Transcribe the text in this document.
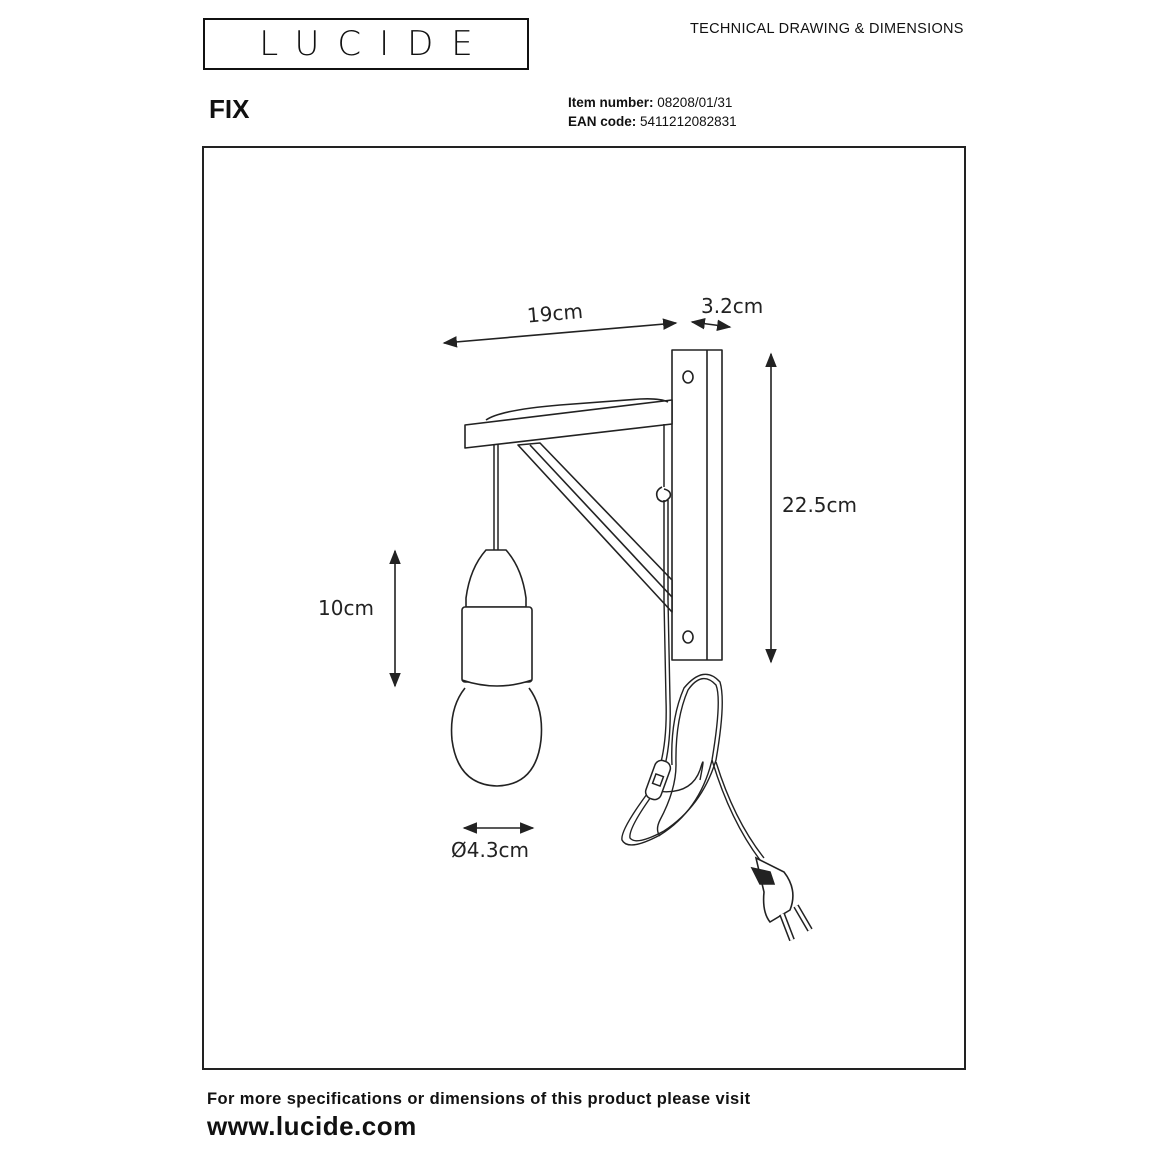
LUCIDE	TECHNICAL DRAWING & DIMENSIONS
FIX	Item number: 08208/01/31
EAN code: 5411212082831
19cm	3.2cm
22.5cm
10cm
Ø4.3cm
For more specifications or dimensions of this product please visit
www.lucide.com
